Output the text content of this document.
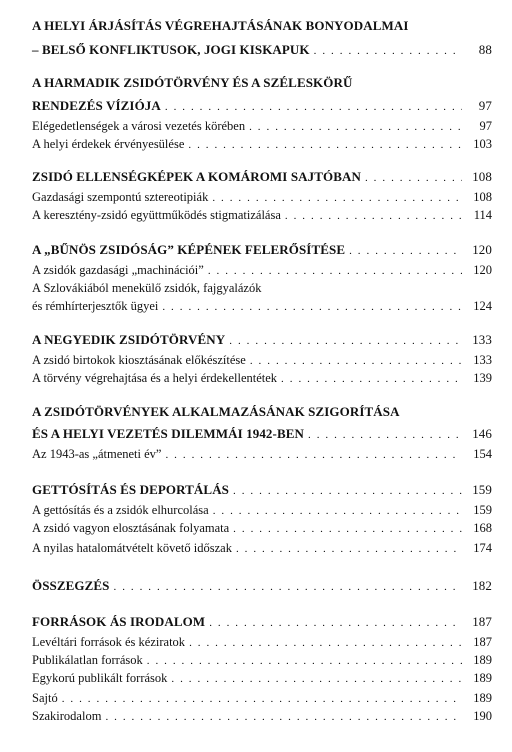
A HELYI ÁRJÁSÍTÁS VÉGREHAJTÁSÁNAK BONYODALMAI
– BELSŐ KONFLIKTUSOK, JOGI KISKAPUK . . .	88
A HARMADIK ZSIDÓTÖRVÉNY ÉS A SZÉLESKÖRŰ
RENDEZÉS VÍZIÓJA . . .	97
Elégedetlenségek a városi vezetés körében . . .	97
A helyi érdekek érvényesülése . . .	103
ZSIDÓ ELLENSÉGKÉPEK A KOMÁROMI SAJTÓBAN . . .	108
Gazdasági szempontú sztereotipiák . . .	108
A keresztény-zsidó együttműködés stigmatizálása . . .	114
A „BŰNÖS ZSIDÓSÁG” KÉPÉNEK FELERŐSÍTÉSE . . .	120
A zsidók gazdasági „machinációi” . . .	120
A Szlovákiából menekülő zsidók, fajgyalázók
és rémhírterjesztők ügyei . . .	124
A NEGYEDIK ZSIDÓTÖRVÉNY . . .	133
A zsidó birtokok kiosztásának előkészítése . . .	133
A törvény végrehajtása és a helyi érdekellentétek . . .	139
A ZSIDÓTÖRVÉNYEK ALKALMAZÁSÁNAK SZIGORÍTÁSA
ÉS A HELYI VEZETÉS DILEMMÁI 1942-BEN . . .	146
Az 1943-as „átmeneti év” . . .	154
GETTÓSÍTÁS ÉS DEPORTÁLÁS . . .	159
A gettósítás és a zsidók elhurcolása . . .	159
A zsidó vagyon elosztásának folyamata . . .	168
A nyilas hatalomátvételt követő időszak . . .	174
ÖSSZEGZÉS . . .	182
FORRÁSOK ÁS IRODALOM . . .	187
Levéltári források és kéziratok . . .	187
Publikálatlan források . . .	189
Egykorú publikált források . . .	189
Sajtó . . .	189
Szakirodalom . . .	190
